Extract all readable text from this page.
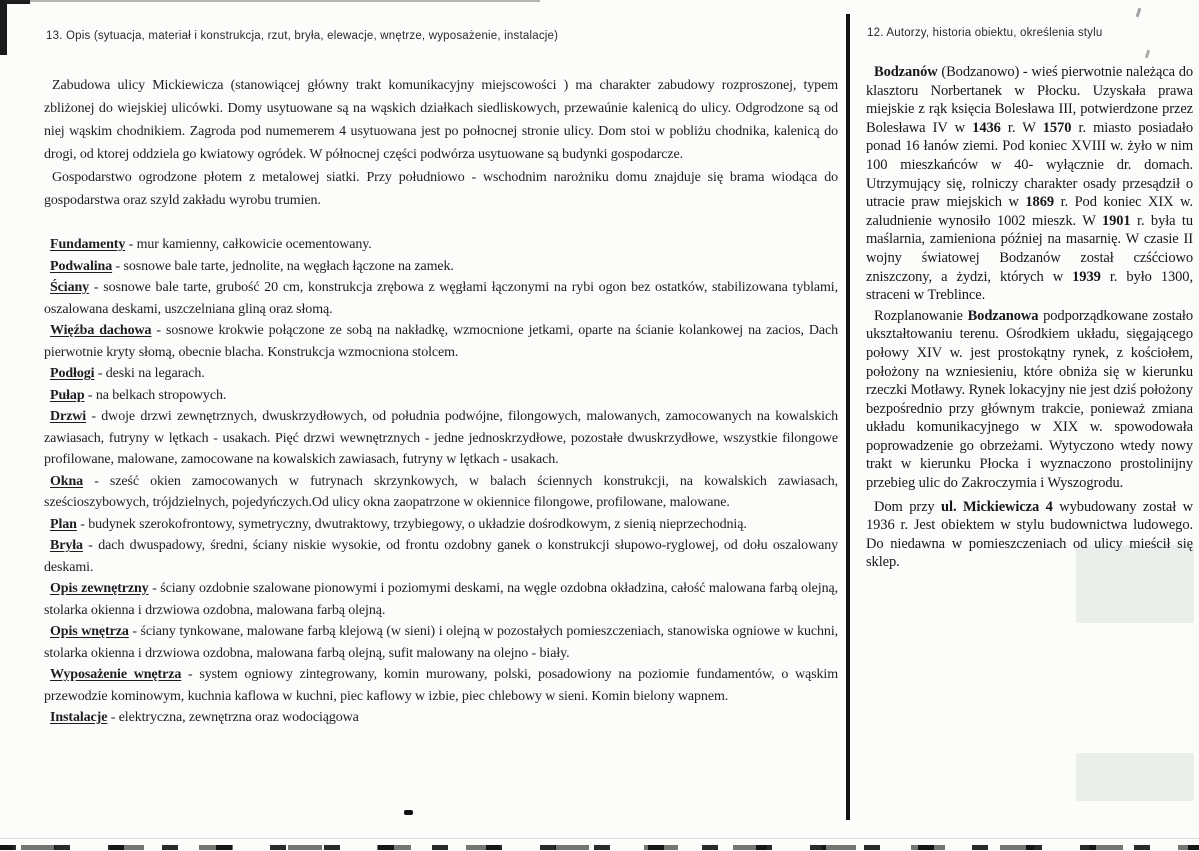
13. Opis (sytuacja, materiał i konstrukcja, rzut, bryła, elewacje, wnętrze, wyposażenie, instalacje)

Zabudowa ulicy Mickiewicza (stanowiącej główny trakt komunikacyjny miejscowości ) ma charakter zabudowy rozproszonej, typem zbliżonej do wiejskiej ulicówki. Domy usytuowane są na wąskich działkach siedliskowych, przewaúnie kalenicą do ulicy. Odgrodzone są od niej wąskim chodnikiem. Zagroda pod numemerem 4 usytuowana jest po połnocnej stronie ulicy. Dom stoi w pobliżu chodnika, kalenicą do drogi, od ktorej oddziela go kwiatowy ogródek. W północnej części podwórza usytuowane są budynki gospodarcze.

Gospodarstwo ogrodzone płotem z metalowej siatki. Przy południowo - wschodnim narożniku domu znajduje się brama wiodąca do gospodarstwa oraz szyld zakładu wyrobu trumien.

Fundamenty - mur kamienny, całkowicie ocementowany.

Podwalina - sosnowe bale tarte, jednolite, na węgłach łączone na zamek.

Ściany - sosnowe bale tarte, grubość 20 cm, konstrukcja zrębowa z węgłami łączonymi na rybi ogon bez ostatków, stabilizowana tyblami, oszalowana deskami, uszczelniana gliną oraz słomą.

Więźba dachowa - sosnowe krokwie połączone ze sobą na nakładkę, wzmocnione jetkami, oparte na ścianie kolankowej na zacios, Dach pierwotnie kryty słomą, obecnie blacha. Konstrukcja wzmocniona stolcem.

Podłogi - deski na legarach.

Pułap - na belkach stropowych.

Drzwi - dwoje drzwi zewnętrznych, dwuskrzydłowych, od południa podwójne, filongowych, malowanych, zamocowanych na kowalskich zawiasach, futryny w lętkach - usakach. Pięć drzwi wewnętrznych - jedne jednoskrzydłowe, pozostałe dwuskrzydłowe, wszystkie filongowe profilowane, malowane, zamocowane na kowalskich zawiasach, futryny w lętkach - usakach.

Okna - sześć okien zamocowanych w futrynach skrzynkowych, w balach ściennych konstrukcji, na kowalskich zawiasach, sześcioszybowych, trójdzielnych, pojedyńczych.Od ulicy okna zaopatrzone w okiennice filongowe, profilowane, malowane.

Plan - budynek szerokofrontowy, symetryczny, dwutraktowy, trzybiegowy, o układzie dośrodkowym, z sienią nieprzechodnią.

Bryła - dach dwuspadowy, średni, ściany niskie wysokie, od frontu ozdobny ganek o konstrukcji słupowo-ryglowej, od dołu oszalowany deskami.

Opis zewnętrzny - ściany ozdobnie szalowane pionowymi i poziomymi deskami, na węgle ozdobna okładzina, całość malowana farbą olejną, stolarka okienna i drzwiowa ozdobna, malowana farbą olejną.

Opis wnętrza - ściany tynkowane, malowane farbą klejową (w sieni) i olejną w pozostałych pomieszczeniach, stanowiska ogniowe w kuchni, stolarka okienna i drzwiowa ozdobna, malowana farbą olejną, sufit malowany na olejno - biały.

Wyposażenie wnętrza - system ogniowy zintegrowany, komin murowany, polski, posadowiony na poziomie fundamentów, o wąskim przewodzie kominowym, kuchnia kaflowa w kuchni, piec kaflowy w izbie, piec chlebowy w sieni. Komin bielony wapnem.

Instalacje - elektryczna, zewnętrzna oraz wodociągowa

12. Autorzy, historia obiektu, określenia stylu

Bodzanów (Bodzanowo) - wieś pierwotnie należąca do klasztoru Norbertanek w Płocku. Uzyskała prawa miejskie z rąk księcia Bolesława III, potwierdzone przez Bolesława IV w 1436 r. W 1570 r. miasto posiadało ponad 16 łanów ziemi. Pod koniec XVIII w. żyło w nim 100 mieszkańców w 40- wyłącznie dr. domach. Utrzymujący się, rolniczy charakter osady przesądził o utracie praw miejskich w 1869 r. Pod koniec XIX w. zaludnienie wynosiło 1002 mieszk. W 1901 r. była tu maślarnia, zamieniona później na masarnię. W czasie II wojny światowej Bodzanów został czśćciowo zniszczony, a żydzi, których w 1939 r. było 1300, straceni w Treblince.

Rozplanowanie Bodzanowa podporządkowane zostało ukształtowaniu terenu. Ośrodkiem układu, sięgającego połowy XIV w. jest prostokątny rynek, z kościołem, położony na wzniesieniu, które obniża się w kierunku rzeczki Motławy. Rynek lokacyjny nie jest dziś położony bezpośrednio przy głównym trakcie, ponieważ zmiana układu komunikacyjnego w XIX w. spowodowała poprowadzenie go obrzeżami. Wytyczono wtedy nowy trakt w kierunku Płocka i wyznaczono prostolinijny przebieg ulic do Zakroczymia i Wyszogrodu.

Dom przy ul. Mickiewicza 4 wybudowany został w 1936 r. Jest obiektem w stylu budownictwa ludowego. Do niedawna w pomieszczeniach od ulicy mieścił się sklep.
